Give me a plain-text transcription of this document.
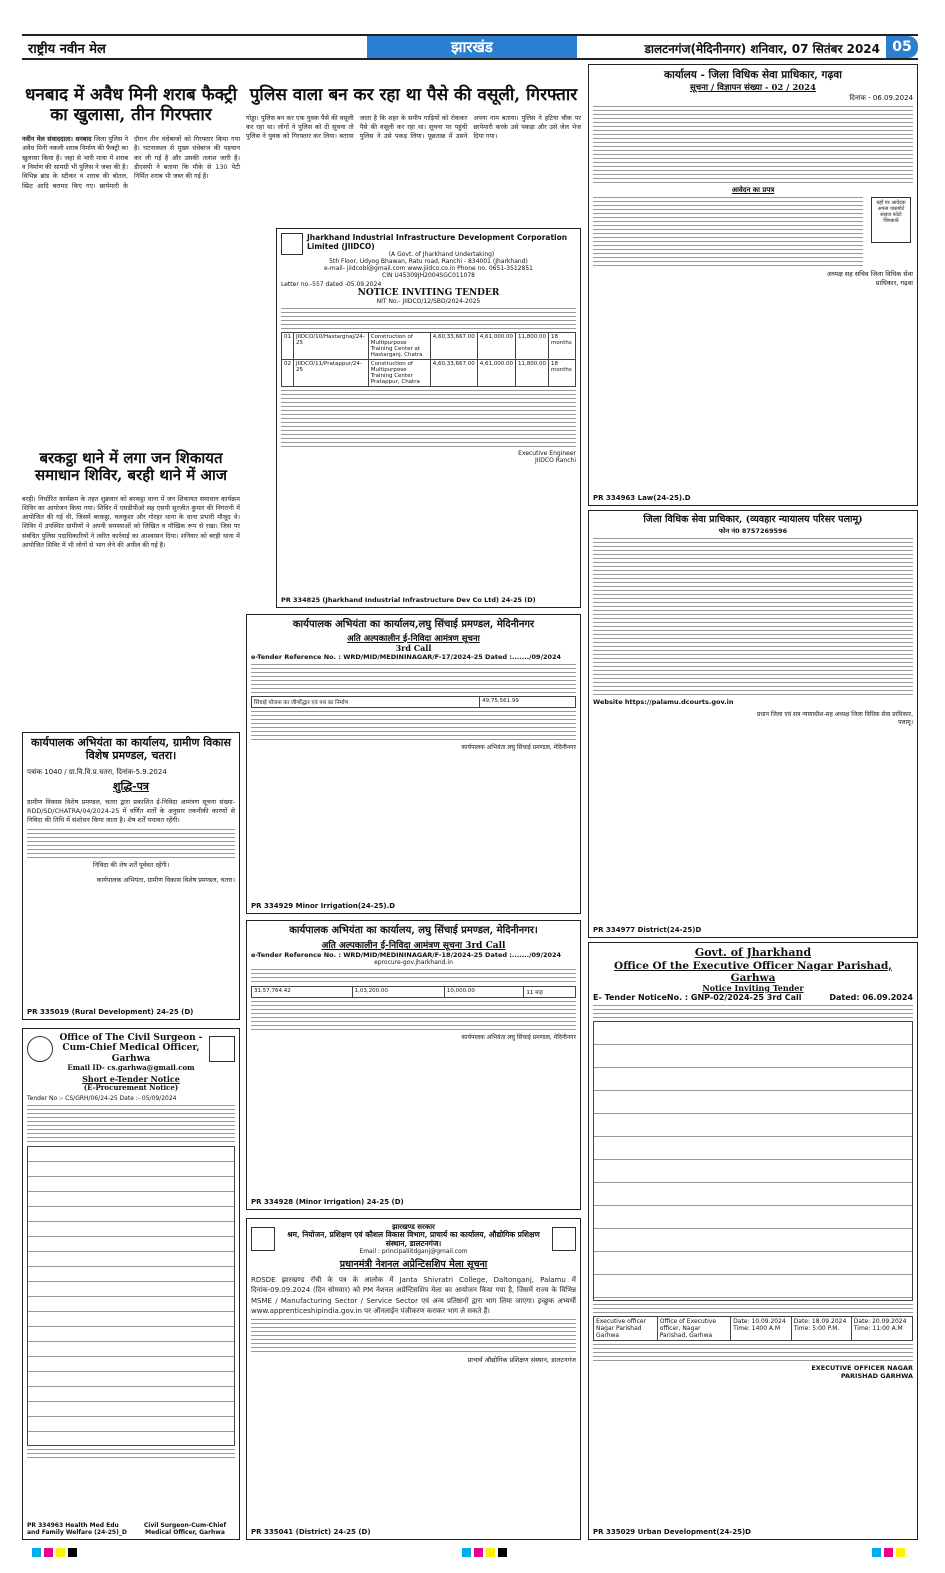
राष्ट्रीय नवीन मेल	झारखंड	डालटनगंज(मेदिनीनगर) शनिवार, 07 सितंबर 2024 05
धनबाद में अवैध मिनी शराब फैक्ट्री का खुलासा, तीन गिरफ्तार
नवीन मेल संवाददाता। धनबाद जिला पुलिस ने अवैध मिनी नकली शराब निर्माण की फैक्ट्री का खुलासा किया है। जहां से भारी मात्रा में शराब व निर्माण की सामग्री भी पुलिस ने जब्त की है। विभिन्न ब्रांड के स्टीकर व शराब की बोतल, स्प्रिट आदि बरामद किए गए। छापेमारी के दौरान तीन धंधेबाजों को गिरफ्तार किया गया है। घटनास्थल से मुख्य धंधेबाज की पहचान कर ली गई है और उसकी तलाश जारी है। डीएसपी ने बताया कि मौके से 130 पेटी निर्मित शराब भी जब्त की गई है।
बरकट्ठा थाने में लगा जन शिकायत समाधान शिविर, बरही थाने में आज
बरही। निर्धारित कार्यक्रम के तहत शुक्रवार को बरकट्ठा थाना में जन शिकायत समाधान कार्यक्रम शिविर का आयोजन किया गया। शिविर में एसडीपीओ सह एसपी सुरजीत कुमार की निगरानी में आयोजित की गई थी, जिसमें बरकट्ठा, चलकुशा और गोरहर थाना के थाना प्रभारी मौजूद थे। शिविर में उपस्थित ग्रामीणों ने अपनी समस्याओं को लिखित व मौखिक रूप से रखा। जिस पर संबंधित पुलिस पदाधिकारियों ने त्वरित कार्रवाई का आश्वासन दिया। शनिवार को बरही थाना में आयोजित शिविर में भी लोगों से भाग लेने की अपील की गई है।
कार्यपालक अभियंता का कार्यालय, ग्रामीण विकास विशेष प्रमण्डल, चतरा।
पत्रांक 1040 / ग्रा.वि.वि.प्र.चतरा, दिनांक-5.9.2024
शुद्धि-पत्र
ग्रामीण विकास विशेष प्रमण्डल, चतरा द्वारा प्रकाशित ई-निविदा आमंत्रण सूचना संख्या-RDD/SD/CHATRA/04/2024-25 में वर्णित शर्तों के अनुसार तकनीकी कारणों से निविदा की तिथि में संशोधन किया जाता है। शेष शर्तें यथावत रहेंगी।
निविदा की शेष शर्तें पूर्ववत रहेंगी।
कार्यपालक अभियंता, ग्रामीण विकास विशेष प्रमण्डल, चतरा।
PR 335019 (Rural Development) 24-25 (D)
Office of The Civil Surgeon -Cum-Chief Medical Officer, Garhwa
Email ID- cs.garhwa@gmail.com
Short e-Tender Notice
(E-Procurement Notice)
Tender No :- CS/GRH/06/24-25 Date :- 05/09/2024
PR 334963 Health Med Edu and Family Welfare (24-25)_D
Civil Surgeon-Cum-Chief Medical Officer, Garhwa
पुलिस वाला बन कर रहा था पैसे की वसूली, गिरफ्तार
गोड्डा। पुलिस बन कर एक युवक पैसे की वसूली कर रहा था। लोगों ने पुलिस को दी सूचना तो पुलिस ने युवक को गिरफ्तार कर लिया। बताया जाता है कि शहर के समीप गाड़ियों को रोककर पैसे की वसूली कर रहा था। सूचना पर पहुंची पुलिस ने उसे पकड़ लिया। पूछताछ में उसने अपना नाम बताया। पुलिस ने हटिया चौक पर छापेमारी करके उसे पकड़ा और उसे जेल भेज दिया गया।
Jharkhand Industrial Infrastructure Development Corporation Limited (JIIDCO)
(A Govt. of Jharkhand Undertaking)
5th Floor, Udyog Bhawan, Ratu road, Ranchi - 834001 (Jharkhand)
e-mail- jiidcobl@gmail.com www.jiidco.co.in Phone no. 0651-3512851
CIN U45309JH2004SGC011078
Letter no.-557 dated -05.09.2024
NOTICE INVITING TENDER
NIT No.- JIIDCO/12/SBD/2024-2025
01	JIIDCO/10/Hastargnaj/24-25	Construction of Multipurpose Training Center at Hastarganj, Chatra	4,60,33,667.00	4,61,000.00	11,800.00	18 months
02	JIIDCO/11/Pratappur/24-25	Construction of Multipurpose Training Center Pratappur, Chatra	4,60,33,667.00	4,61,000.00	11,800.00	18 months
Executive Engineer JIIDCO Ranchi
PR 334825 (Jharkhand Industrial Infrastructure Dev Co Ltd) 24-25 (D)
कार्यपालक अभियंता का कार्यालय,लघु सिंचाई प्रमण्डल, मेदिनीनगर
अति अल्पकालीन ई-निविदा आमंत्रण सूचना
3rd Call
e-Tender Reference No. : WRD/MID/MEDININAGAR/F-17/2024-25 Dated :......./09/2024
सिंचाई योजना का जीर्णोद्धार एवं पथ का निर्माण	49,75,561.99
कार्यपालक अभियंता लघु सिंचाई प्रमण्डल, मेदिनीनगर
PR 334929 Minor Irrigation(24-25).D
कार्यपालक अभियंता का कार्यालय, लघु सिंचाई प्रमण्डल, मेदिनीनगर।
अति अल्पकालीन ई-निविदा आमंत्रण सूचना 3rd Call
e-Tender Reference No. : WRD/MID/MEDININAGAR/F-18/2024-25 Dated :......./09/2024
eprocure-gov.jharkhand.in
31,57,764.42	1,03,200.00	10,000.00	11 माह
कार्यपालक अभियंता लघु सिंचाई प्रमण्डल, मेदिनीनगर
PR 334928 (Minor Irrigation) 24-25 (D)
झारखण्ड सरकार
श्रम, नियोजन, प्रशिक्षण एवं कौशल विकास विभाग, प्राचार्य का कार्यालय, औद्योगिक प्रशिक्षण संस्थान, डालटनगंज।
Email : principaliitdganj@gmail.com
प्रधानमंत्री नेशनल अप्रेन्टिसशिप मेला सूचना
RDSDE झारखण्ड रॉची के पत्र के आलोक में Janta Shivratri College, Daltonganj, Palamu में दिनांक-09.09.2024 (दिन सोमवार) को PM नेशनल अप्रेन्टिसशिप मेला का आयोजन किया गया है, जिसमें राज्य के विभिन्न MSME / Manufacturing Sector / Service Sector एवं अन्य प्रतिष्ठानों द्वारा भाग लिया जाएगा। इच्छुक अभ्यर्थी www.apprenticeshipindia.gov.in पर ऑनलाईन पंजीकरण कराकर भाग ले सकते हैं।
प्राचार्य औद्योगिक प्रशिक्षण संस्थान, डालटनगंज
PR 335041 (District) 24-25 (D)
कार्यालय - जिला विधिक सेवा प्राधिकार, गढ़वा
सूचना / विज्ञापन संख्या - 02 / 2024
दिनांक - 06.09.2024
आवेदन का प्रपत्र
यहाँ पर आवेदक अपना पासपोर्ट साइज फोटो चिपकायें
अध्यक्ष सह सचिव जिला विधिक सेवा प्राधिकार, गढ़वा
PR 334963 Law(24-25).D
जिला विधिक सेवा प्राधिकार, (व्यवहार न्यायालय परिसर पलामू)
फोन नं0 8757269596
Website https://palamu.dcourts.gov.in
प्रधान जिला एवं सत्र न्यायाधीश-सह अध्यक्ष जिला विधिक सेवा प्राधिकार, पलामू।
PR 334977 District(24-25)D
Govt. of Jharkhand
Office Of the Executive Officer Nagar Parishad, Garhwa
Notice Inviting Tender
E- Tender NoticeNo. : GNP-02/2024-25 3rd Call	Dated: 06.09.2024
Executive officer Nagar Parishad Garhwa	Office of Executive officer, Nagar Parishad, Garhwa	Date: 10.09.2024 Time: 1400 A.M	Date: 18.09.2024 Time: 5:00 P.M.	Date: 20.09.2024 Time: 11:00 A.M
EXECUTIVE OFFICER NAGAR PARISHAD GARHWA
PR 335029 Urban Development(24-25)D
